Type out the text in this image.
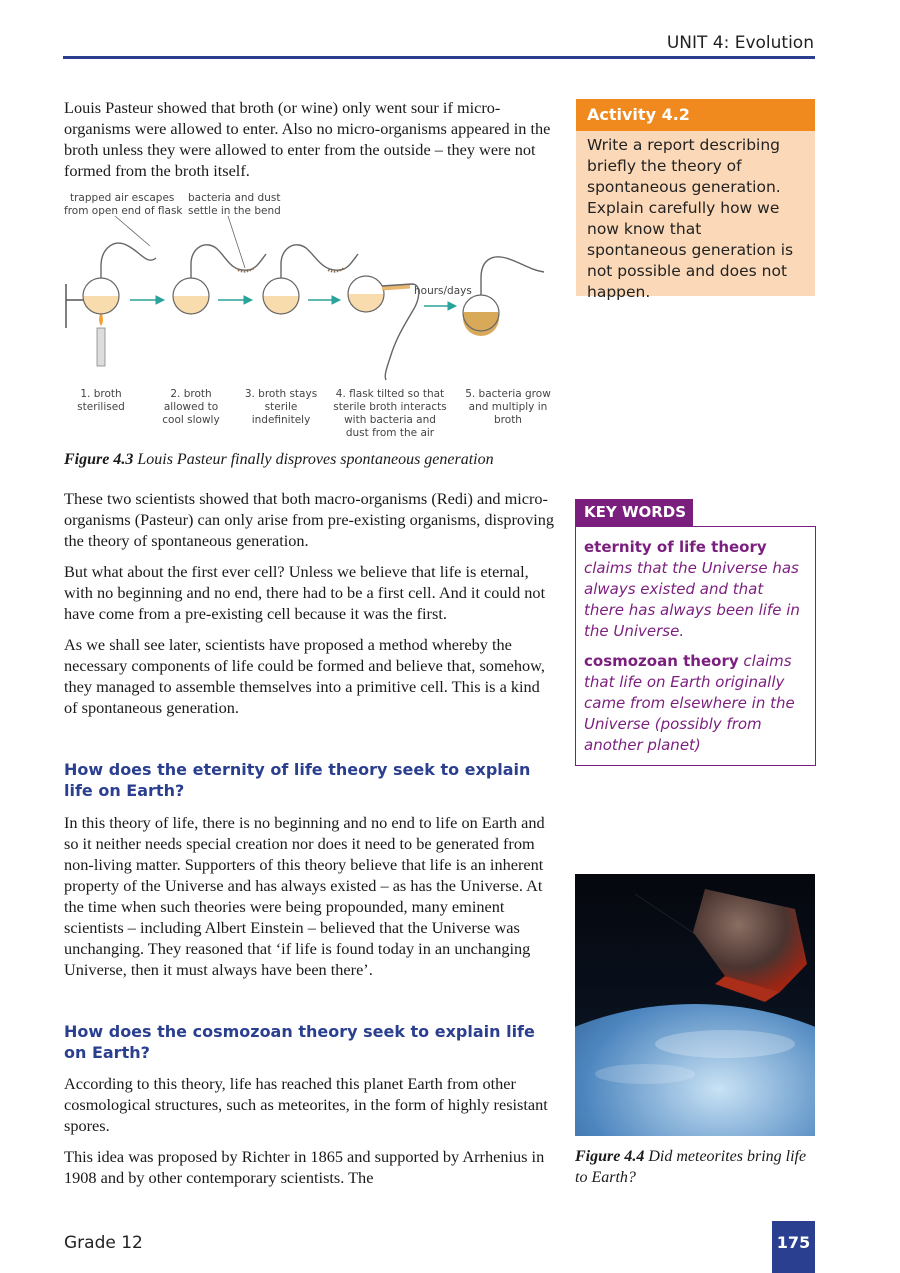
UNIT 4: Evolution

Louis Pasteur showed that broth (or wine) only went sour if micro-organisms were allowed to enter. Also no micro-organisms appeared in the broth unless they were allowed to enter from the outside – they were not formed from the broth itself.

trapped air escapes
from open end of flask
bacteria and dust
settle in the bend
hours/days
1. broth
sterilised
2. broth
allowed to
cool slowly
3. broth stays
sterile
indefinitely
4. flask tilted so that
sterile broth interacts
with bacteria and
dust from the air
5. bacteria grow
and multiply in
broth
Figure 4.3 Louis Pasteur finally disproves spontaneous generation

These two scientists showed that both macro-organisms (Redi) and micro-organisms (Pasteur) can only arise from pre-existing organisms, disproving the theory of spontaneous generation.

But what about the first ever cell? Unless we believe that life is eternal, with no beginning and no end, there had to be a first cell. And it could not have come from a pre-existing cell because it was the first.

As we shall see later, scientists have proposed a method whereby the necessary components of life could be formed and believe that, somehow, they managed to assemble themselves into a primitive cell. This is a kind of spontaneous generation.

How does the eternity of life theory seek to explain life on Earth?

In this theory of life, there is no beginning and no end to life on Earth and so it neither needs special creation nor does it need to be generated from non-living matter. Supporters of this theory believe that life is an inherent property of the Universe and has always existed – as has the Universe. At the time when such theories were being propounded, many eminent scientists – including Albert Einstein – believed that the Universe was unchanging. They reasoned that ‘if life is found today in an unchanging Universe, then it must always have been there’.

How does the cosmozoan theory seek to explain life on Earth?

According to this theory, life has reached this planet Earth from other cosmological structures, such as meteorites, in the form of highly resistant spores.

This idea was proposed by Richter in 1865 and supported by Arrhenius in 1908 and by other contemporary scientists. The

Activity 4.2
Write a report describing briefly the theory of spontaneous generation. Explain carefully how we now know that spontaneous generation is not possible and does not happen.
KEY WORDS
eternity of life theory
claims that the Universe has always existed and that there has always been life in the Universe.
cosmozoan theory claims that life on Earth originally came from elsewhere in the Universe (possibly from another planet)
Figure 4.4 Did meteorites bring life to Earth?
Grade 12	175
